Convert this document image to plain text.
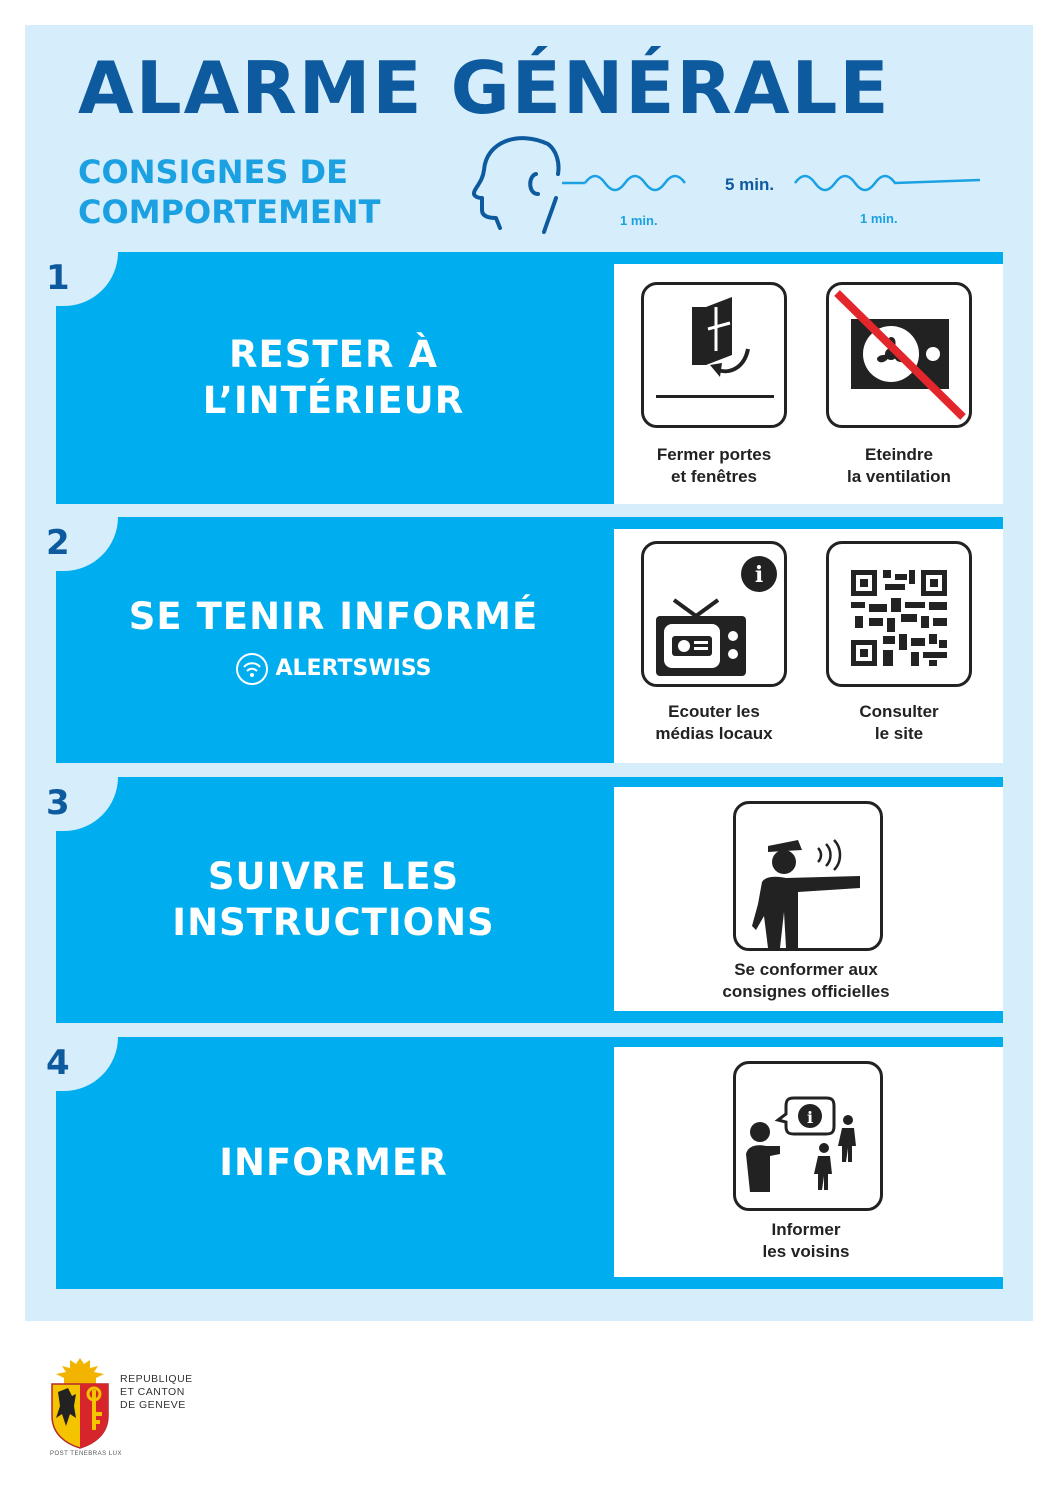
ALARME GÉNÉRALE
CONSIGNES DE
COMPORTEMENT	1 min.
5 min.
1 min.
1
RESTER À
L’INTÉRIEUR
Fermer portes
et fenêtres
Eteindre
la ventilation
2
SE TENIR INFORMÉ
ALERTSWISS
i
Ecouter les
médias locaux
Consulter
le site
3
SUIVRE LES
INSTRUCTIONS
Se conformer aux
consignes officielles
4
INFORMER
i
Informer
les voisins
REPUBLIQUE
ET CANTON
DE GENEVE
POST TENEBRAS LUX
